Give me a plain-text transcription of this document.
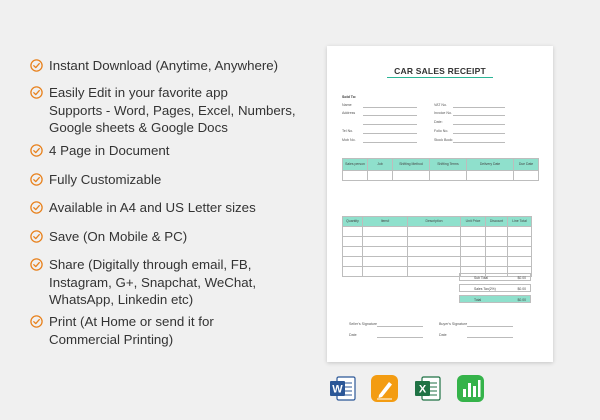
Instant Download (Anytime, Anywhere)
Easily Edit in your favorite app
Supports - Word, Pages, Excel, Numbers,
Google sheets & Google Docs
4 Page in Document
Fully Customizable
Available in A4 and US Letter sizes
Save (On Mobile & PC)
Share (Digitally through email, FB,
Instagram, G+, Snapchat, WeChat,
WhatsApp, Linkedin etc)
Print (At Home or send it for
Commercial Printing)
CAR SALES RECEIPT
Sold To:
Name
Address
Tel No.
Mob No.
VAT No.
Invoice No.
Date:
Folio No.
Stock Book:
Sales person	Job	Shifting Method	Shifting Terms	Delivery Date	Due Date

Quantity	Item#	Description	Unit Price	Discount	Line Total

Sub Total	$0.00
Sales Tax(2%)	$0.00
Total	$0.00
Seller's Signature
Date
Buyer's Signature
Date
W	X
